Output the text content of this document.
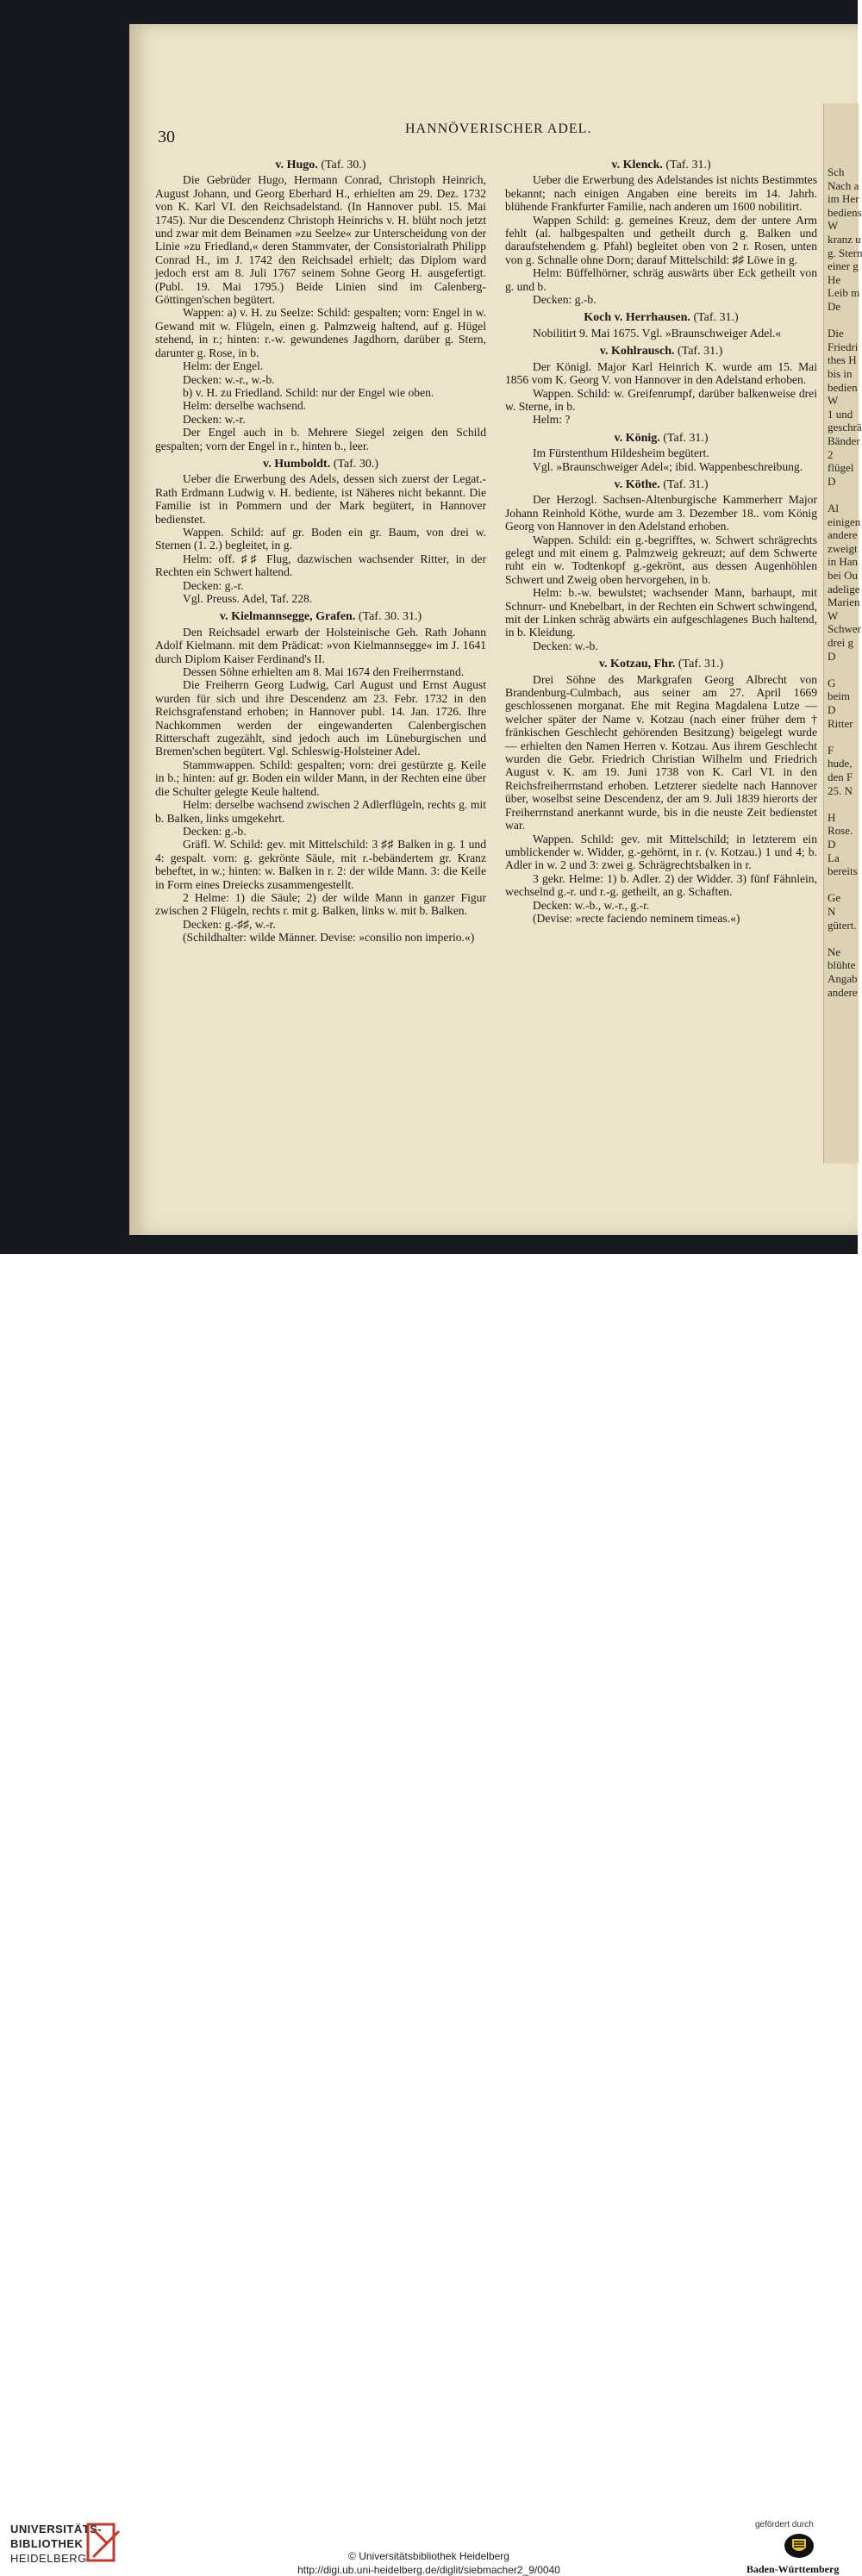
Sch
Nach a
im Her
bediens
W
kranz u
g. Stern
einer g
He
Leib m
De
Die
Friedri
thes H
bis in
bedien
W
1 und
geschrä
Bänder
2
flügel
D
Al
einigen
andere
zweigt
in Han
bei Ou
adelige
Marien
W
Schwer
drei g
D
G
beim
D
Ritter
F
hude,
den F
25. N
H
Rose.
D
La
bereits
Ge
N
gütert.
Ne
blühte
Angab
andere
30	HANNÖVERISCHER ADEL.
v. Hugo. (Taf. 30.)

Die Gebrüder Hugo, Hermann Conrad, Christoph Heinrich, August Johann, und Georg Eberhard H., erhielten am 29. Dez. 1732 von K. Karl VI. den Reichsadelstand. (In Hannover publ. 15. Mai 1745). Nur die Descendenz Christoph Heinrichs v. H. blüht noch jetzt und zwar mit dem Beinamen »zu Seelze« zur Unterscheidung von der Linie »zu Friedland,« deren Stammvater, der Consistorialrath Philipp Conrad H., im J. 1742 den Reichsadel erhielt; das Diplom ward jedoch erst am 8. Juli 1767 seinem Sohne Georg H. ausgefertigt. (Publ. 19. Mai 1795.) Beide Linien sind im Calenberg-Göttingen'schen begütert.

Wappen: a) v. H. zu Seelze: Schild: gespalten; vorn: Engel in w. Gewand mit w. Flügeln, einen g. Palmzweig haltend, auf g. Hügel stehend, in r.; hinten: r.-w. gewundenes Jagdhorn, darüber g. Stern, darunter g. Rose, in b.

Helm: der Engel.

Decken: w.-r., w.-b.

b) v. H. zu Friedland. Schild: nur der Engel wie oben.

Helm: derselbe wachsend.

Decken: w.-r.

Der Engel auch in b. Mehrere Siegel zeigen den Schild gespalten; vorn der Engel in r., hinten b., leer.

v. Humboldt. (Taf. 30.)

Ueber die Erwerbung des Adels, dessen sich zuerst der Legat.-Rath Erdmann Ludwig v. H. bediente, ist Näheres nicht bekannt. Die Familie ist in Pommern und der Mark begütert, in Hannover bedienstet.

Wappen. Schild: auf gr. Boden ein gr. Baum, von drei w. Sternen (1. 2.) begleitet, in g.

Helm: off. ♯♯ Flug, dazwischen wachsender Ritter, in der Rechten ein Schwert haltend.

Decken: g.-r.

Vgl. Preuss. Adel, Taf. 228.

v. Kielmannsegge, Grafen. (Taf. 30. 31.)

Den Reichsadel erwarb der Holsteinische Geh. Rath Johann Adolf Kielmann. mit dem Prädicat: »von Kielmannsegge« im J. 1641 durch Diplom Kaiser Ferdinand's II.

Dessen Söhne erhielten am 8. Mai 1674 den Freiherrnstand.

Die Freiherrn Georg Ludwig, Carl August und Ernst August wurden für sich und ihre Descendenz am 23. Febr. 1732 in den Reichsgrafenstand erhoben; in Hannover publ. 14. Jan. 1726. Ihre Nachkommen werden der eingewanderten Calenbergischen Ritterschaft zugezählt, sind jedoch auch im Lüneburgischen und Bremen'schen begütert. Vgl. Schleswig-Holsteiner Adel.

Stammwappen. Schild: gespalten; vorn: drei gestürzte g. Keile in b.; hinten: auf gr. Boden ein wilder Mann, in der Rechten eine über die Schulter gelegte Keule haltend.

Helm: derselbe wachsend zwischen 2 Adlerflügeln, rechts g. mit b. Balken, links umgekehrt.

Decken: g.-b.

Gräfl. W. Schild: gev. mit Mittelschild: 3 ♯♯ Balken in g. 1 und 4: gespalt. vorn: g. gekrönte Säule, mit r.-bebändertem gr. Kranz beheftet, in w.; hinten: w. Balken in r. 2: der wilde Mann. 3: die Keile in Form eines Dreiecks zusammengestellt.

2 Helme: 1) die Säule; 2) der wilde Mann in ganzer Figur zwischen 2 Flügeln, rechts r. mit g. Balken, links w. mit b. Balken.

Decken: g.-♯♯, w.-r.

(Schildhalter: wilde Männer. Devise: »consilio non imperio.«)

v. Klenck. (Taf. 31.)

Ueber die Erwerbung des Adelstandes ist nichts Bestimmtes bekannt; nach einigen Angaben eine bereits im 14. Jahrh. blühende Frankfurter Familie, nach anderen um 1600 nobilitirt.

Wappen Schild: g. gemeines Kreuz, dem der untere Arm fehlt (al. halbgespalten und getheilt durch g. Balken und daraufstehendem g. Pfahl) begleitet oben von 2 r. Rosen, unten von g. Schnalle ohne Dorn; darauf Mittelschild: ♯♯ Löwe in g.

Helm: Büffelhörner, schräg auswärts über Eck getheilt von g. und b.

Decken: g.-b.

Koch v. Herrhausen. (Taf. 31.)

Nobilitirt 9. Mai 1675. Vgl. »Braunschweiger Adel.«

v. Kohlrausch. (Taf. 31.)

Der Königl. Major Karl Heinrich K. wurde am 15. Mai 1856 vom K. Georg V. von Hannover in den Adelstand erhoben.

Wappen. Schild: w. Greifenrumpf, darüber balkenweise drei w. Sterne, in b.

Helm: ?

v. König. (Taf. 31.)

Im Fürstenthum Hildesheim begütert.

Vgl. »Braunschweiger Adel«; ibid. Wappenbeschreibung.

v. Köthe. (Taf. 31.)

Der Herzogl. Sachsen-Altenburgische Kammerherr Major Johann Reinhold Köthe, wurde am 3. Dezember 18.. vom König Georg von Hannover in den Adelstand erhoben.

Wappen. Schild: ein g.-begrifftes, w. Schwert schrägrechts gelegt und mit einem g. Palmzweig gekreuzt; auf dem Schwerte ruht ein w. Todtenkopf g.-gekrönt, aus dessen Augenhöhlen Schwert und Zweig oben hervorgehen, in b.

Helm: b.-w. bewulstet; wachsender Mann, barhaupt, mit Schnurr- und Knebelbart, in der Rechten ein Schwert schwingend, mit der Linken schräg abwärts ein aufgeschlagenes Buch haltend, in b. Kleidung.

Decken: w.-b.

v. Kotzau, Fhr. (Taf. 31.)

Drei Söhne des Markgrafen Georg Albrecht von Brandenburg-Culmbach, aus seiner am 27. April 1669 geschlossenen morganat. Ehe mit Regina Magdalena Lutze — welcher später der Name v. Kotzau (nach einer früher dem † fränkischen Geschlecht gehörenden Besitzung) beigelegt wurde — erhielten den Namen Herren v. Kotzau. Aus ihrem Geschlecht wurden die Gebr. Friedrich Christian Wilhelm und Friedrich August v. K. am 19. Juni 1738 von K. Carl VI. in den Reichsfreiherrnstand erhoben. Letzterer siedelte nach Hannover über, woselbst seine Descendenz, der am 9. Juli 1839 hierorts der Freiherrnstand anerkannt wurde, bis in die neuste Zeit bedienstet war.

Wappen. Schild: gev. mit Mittelschild; in letzterem ein umblickender w. Widder, g.-gehörnt, in r. (v. Kotzau.) 1 und 4; b. Adler in w. 2 und 3: zwei g. Schrägrechtsbalken in r.

3 gekr. Helme: 1) b. Adler. 2) der Widder. 3) fünf Fähnlein, wechselnd g.-r. und r.-g. getheilt, an g. Schaften.

Decken: w.-b., w.-r., g.-r.

(Devise: »recte faciendo neminem timeas.«)

UNIVERSITÄTS-
BIBLIOTHEK
HEIDELBERG	© Universitätsbibliothek Heidelberg
http://digi.ub.uni-heidelberg.de/diglit/siebmacher2_9/0040
gefördert durch
Baden-Württemberg
